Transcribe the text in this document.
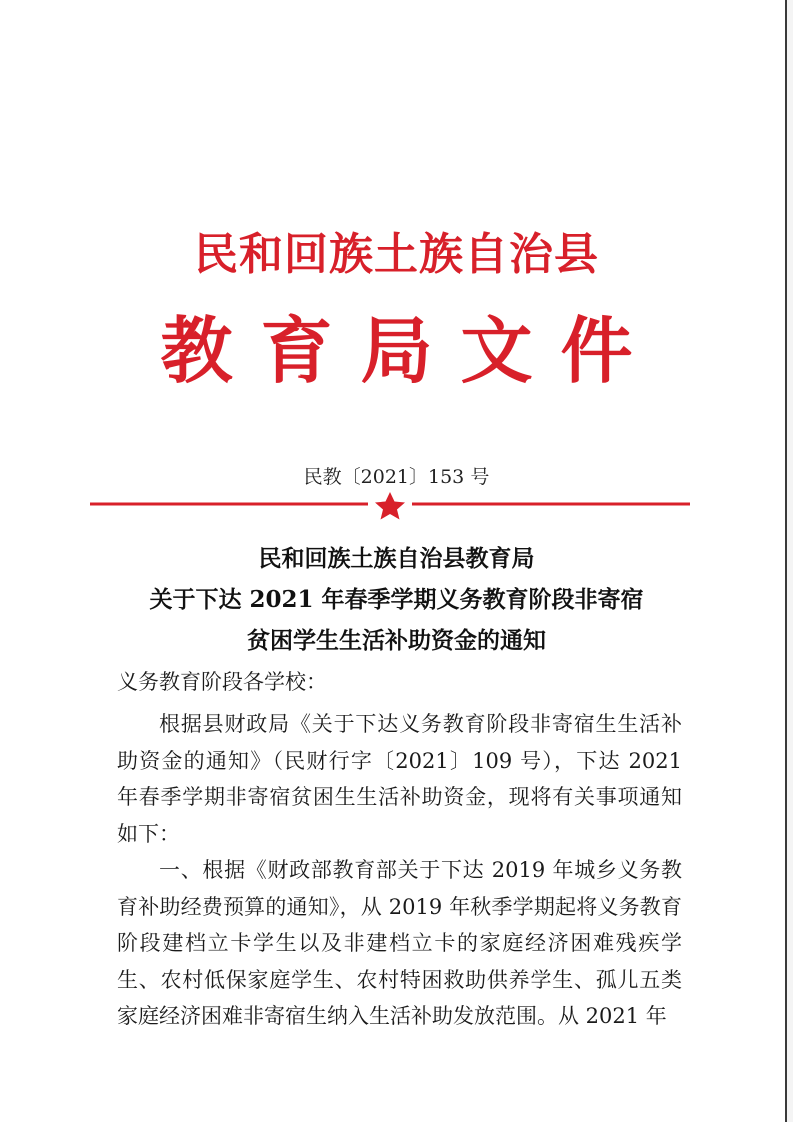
民和回族土族自治县
教育局文件
民教〔2021〕153 号
民和回族土族自治县教育局
关于下达 2021 年春季学期义务教育阶段非寄宿
贫困学生生活补助资金的通知
义务教育阶段各学校：

根据县财政局《关于下达义务教育阶段非寄宿生生活补助资金的通知》（民财行字〔2021〕109 号），下达 2021 年春季学期非寄宿贫困生生活补助资金，现将有关事项通知如下：

一、根据《财政部教育部关于下达 2019 年城乡义务教育补助经费预算的通知》，从 2019 年秋季学期起将义务教育阶段建档立卡学生以及非建档立卡的家庭经济困难残疾学生、农村低保家庭学生、农村特困救助供养学生、孤儿五类家庭经济困难非寄宿生纳入生活补助发放范围。从 2021 年
